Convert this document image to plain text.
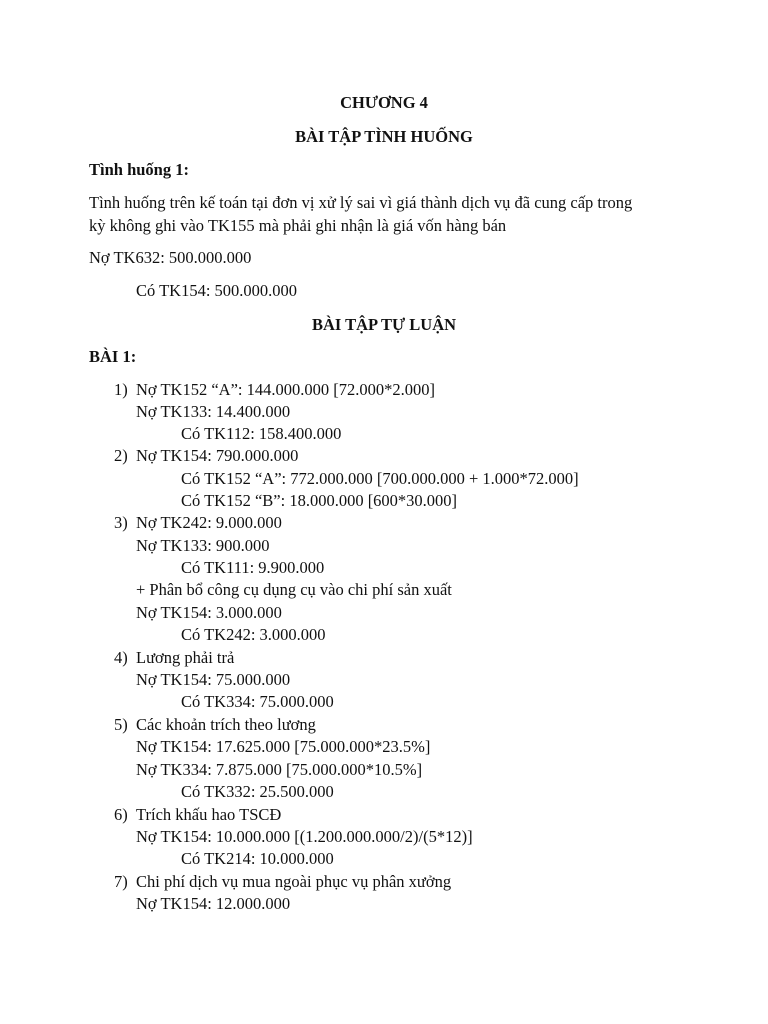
CHƯƠNG 4
BÀI TẬP TÌNH HUỐNG
Tình huống 1:
Tình huống trên kế toán tại đơn vị xử lý sai vì giá thành dịch vụ đã cung cấp trong
kỳ không ghi vào TK155 mà phải ghi nhận là giá vốn hàng bán
Nợ TK632: 500.000.000
Có TK154: 500.000.000
BÀI TẬP TỰ LUẬN
BÀI 1:
1) Nợ TK152 “A”: 144.000.000 [72.000*2.000]
Nợ TK133: 14.400.000
Có TK112: 158.400.000
2) Nợ TK154: 790.000.000
Có TK152 “A”: 772.000.000 [700.000.000 + 1.000*72.000]
Có TK152 “B”: 18.000.000 [600*30.000]
3) Nợ TK242: 9.000.000
Nợ TK133: 900.000
Có TK111: 9.900.000
+ Phân bổ công cụ dụng cụ vào chi phí sản xuất
Nợ TK154: 3.000.000
Có TK242: 3.000.000
4) Lương phải trả
Nợ TK154: 75.000.000
Có TK334: 75.000.000
5) Các khoản trích theo lương
Nợ TK154: 17.625.000 [75.000.000*23.5%]
Nợ TK334: 7.875.000 [75.000.000*10.5%]
Có TK332: 25.500.000
6) Trích khấu hao TSCĐ
Nợ TK154: 10.000.000 [(1.200.000.000/2)/(5*12)]
Có TK214: 10.000.000
7) Chi phí dịch vụ mua ngoài phục vụ phân xưởng
Nợ TK154: 12.000.000
